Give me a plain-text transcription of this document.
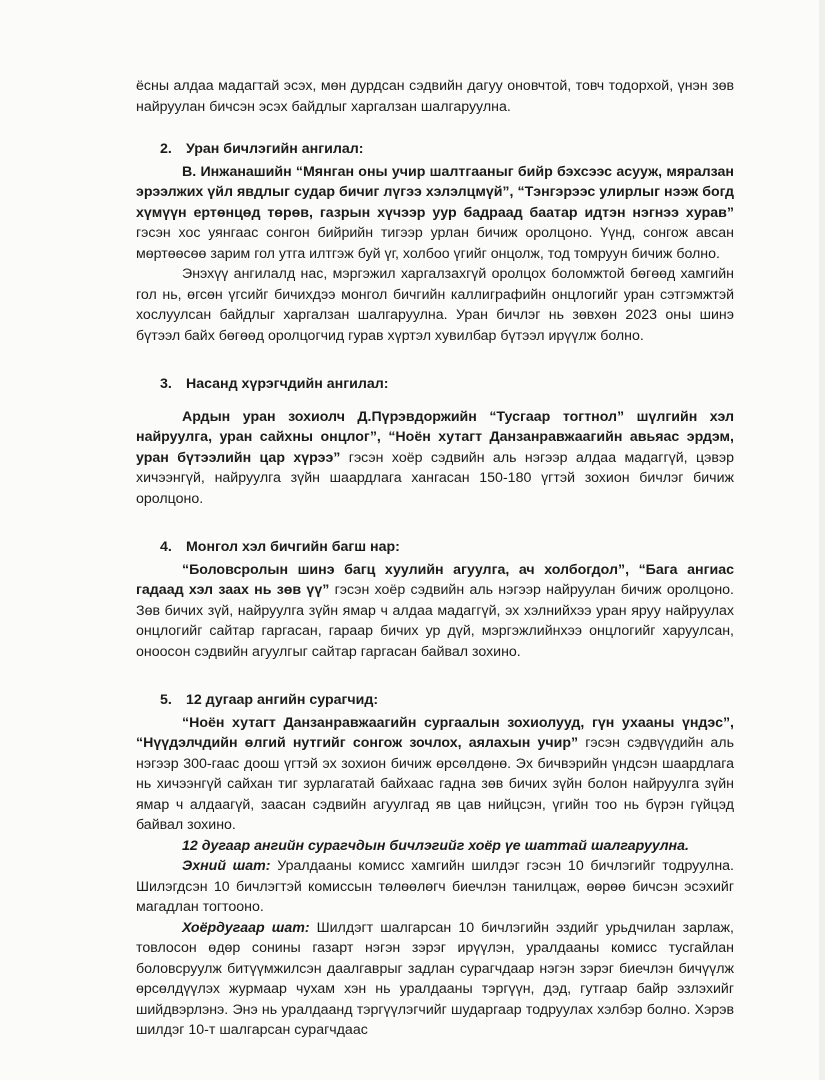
ёсны алдаа мадагтай эсэх, мөн дурдсан сэдвийн дагуу оновчтой, товч тодорхой, үнэн зөв найруулан бичсэн эсэх байдлыг харгалзан шалгаруулна.

2. Уран бичлэгийн ангилал:

В. Инжанашийн “Мянган оны учир шалтгааныг бийр бэхсээс асууж, мяралзан эрээлжих үйл явдлыг судар бичиг лүгээ хэлэлцмүй”, “Тэнгэрээс улирлыг нээж богд хүмүүн ертөнцөд төрөв, газрын хүчээр уур бадраад баатар идтэн нэгнээ хурав” гэсэн хос уянгаас сонгон бийрийн тигээр урлан бичиж оролцоно. Үүнд, сонгож авсан мөртөөсөө зарим гол утга илтгэж буй үг, холбоо үгийг онцолж, тод томруун бичиж болно.

Энэхүү ангилалд нас, мэргэжил харгалзахгүй оролцох боломжтой бөгөөд хамгийн гол нь, өгсөн үгсийг бичихдээ монгол бичгийн каллиграфийн онцлогийг уран сэтгэмжтэй хослуулсан байдлыг харгалзан шалгаруулна. Уран бичлэг нь зөвхөн 2023 оны шинэ бүтээл байх бөгөөд оролцогчид гурав хүртэл хувилбар бүтээл ирүүлж болно.

3. Насанд хүрэгчдийн ангилал:

Ардын уран зохиолч Д.Пүрэвдоржийн “Тусгаар тогтнол” шүлгийн хэл найруулга, уран сайхны онцлог”, “Ноён хутагт Данзанравжаагийн авьяас эрдэм, уран бүтээлийн цар хүрээ” гэсэн хоёр сэдвийн аль нэгээр алдаа мадаггүй, цэвэр хичээнгүй, найруулга зүйн шаардлага хангасан 150-180 үгтэй зохион бичлэг бичиж оролцоно.

4. Монгол хэл бичгийн багш нар:

“Боловсролын шинэ багц хуулийн агуулга, ач холбогдол”, “Бага ангиас гадаад хэл заах нь зөв үү” гэсэн хоёр сэдвийн аль нэгээр найруулан бичиж оролцоно. Зөв бичих зүй, найруулга зүйн ямар ч алдаа мадаггүй, эх хэлнийхээ уран яруу найруулах онцлогийг сайтар гаргасан, гараар бичих ур дүй, мэргэжлийнхээ онцлогийг харуулсан, оноосон сэдвийн агуулгыг сайтар гаргасан байвал зохино.

5. 12 дугаар ангийн сурагчид:

“Ноён хутагт Данзанравжаагийн сургаалын зохиолууд, гүн ухааны үндэс”, “Нүүдэлчдийн өлгий нутгийг сонгож зочлох, аялахын учир” гэсэн сэдвүүдийн аль нэгээр 300-гаас доош үгтэй эх зохион бичиж өрсөлдөнө. Эх бичвэрийн үндсэн шаардлага нь хичээнгүй сайхан тиг зурлагатай байхаас гадна зөв бичих зүйн болон найруулга зүйн ямар ч алдаагүй, заасан сэдвийн агуулгад яв цав нийцсэн, үгийн тоо нь бүрэн гүйцэд байвал зохино.

12 дугаар ангийн сурагчдын бичлэгийг хоёр үе шаттай шалгаруулна.

Эхний шат: Уралдааны комисс хамгийн шилдэг гэсэн 10 бичлэгийг тодруулна. Шилэгдсэн 10 бичлэгтэй комиссын төлөөлөгч биечлэн танилцаж, өөрөө бичсэн эсэхийг магадлан тогтооно.

Хоёрдугаар шат: Шилдэгт шалгарсан 10 бичлэгийн эздийг урьдчилан зарлаж, товлосон өдөр сонины газарт нэгэн зэрэг ирүүлэн, уралдааны комисс тусгайлан боловсруулж битүүмжилсэн даалгаврыг задлан сурагчдаар нэгэн зэрэг биечлэн бичүүлж өрсөлдүүлэх журмаар чухам хэн нь уралдааны тэргүүн, дэд, гутгаар байр эзлэхийг шийдвэрлэнэ. Энэ нь уралдаанд тэргүүлэгчийг шударгаар тодруулах хэлбэр болно. Хэрэв шилдэг 10-т шалгарсан сурагчдаас
